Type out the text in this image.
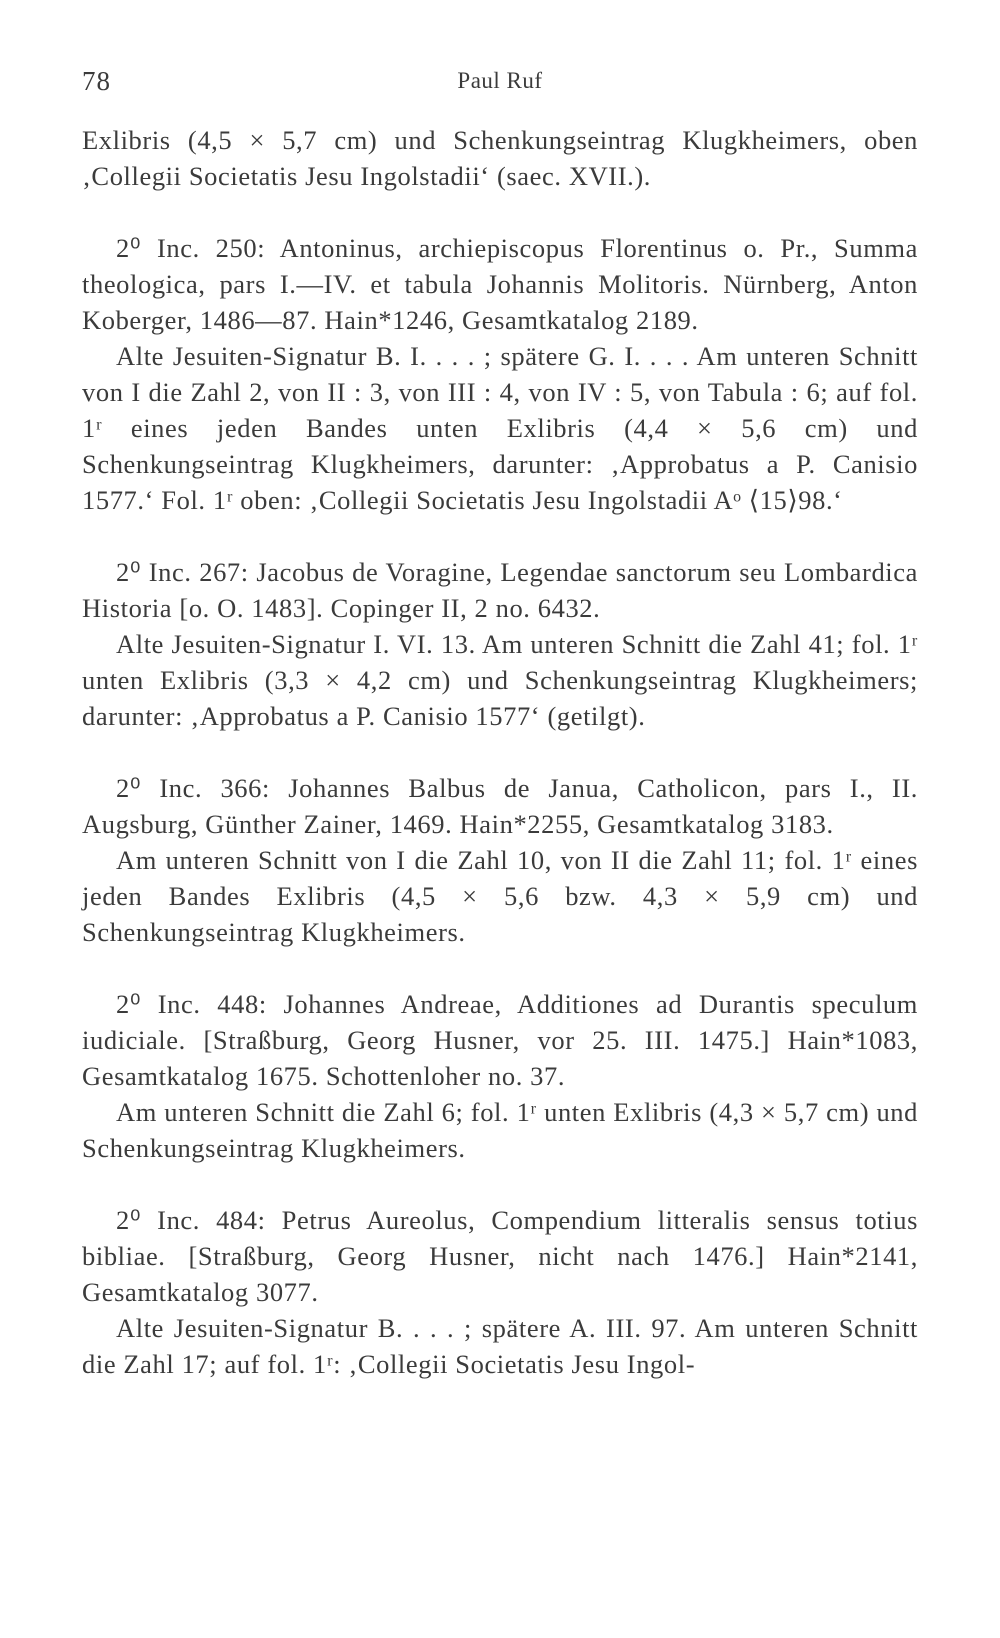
78	Paul Ruf

Exlibris (4,5 × 5,7 cm) und Schenkungseintrag Klugkheimers, oben ‚Collegii Societatis Jesu Ingolstadii‘ (saec. XVII.).

2⁰ Inc. 250: Antoninus, archiepiscopus Florentinus o. Pr., Summa theologica, pars I.—IV. et tabula Johannis Molitoris. Nürnberg, Anton Koberger, 1486—87. Hain*1246, Gesamtkatalog 2189.

Alte Jesuiten-Signatur B. I. . . . ; spätere G. I. . . . Am unteren Schnitt von I die Zahl 2, von II : 3, von III : 4, von IV : 5, von Tabula : 6; auf fol. 1ʳ eines jeden Bandes unten Exlibris (4,4 × 5,6 cm) und Schenkungseintrag Klugkheimers, darunter: ‚Approbatus a P. Canisio 1577.‘ Fol. 1ʳ oben: ‚Collegii Societatis Jesu Ingolstadii Aᵒ ⟨15⟩98.‘

2⁰ Inc. 267: Jacobus de Voragine, Legendae sanctorum seu Lombardica Historia [o. O. 1483]. Copinger II, 2 no. 6432.

Alte Jesuiten-Signatur I. VI. 13. Am unteren Schnitt die Zahl 41; fol. 1ʳ unten Exlibris (3,3 × 4,2 cm) und Schenkungseintrag Klugkheimers; darunter: ‚Approbatus a P. Canisio 1577‘ (getilgt).

2⁰ Inc. 366: Johannes Balbus de Janua, Catholicon, pars I., II. Augsburg, Günther Zainer, 1469. Hain*2255, Gesamtkatalog 3183.

Am unteren Schnitt von I die Zahl 10, von II die Zahl 11; fol. 1ʳ eines jeden Bandes Exlibris (4,5 × 5,6 bzw. 4,3 × 5,9 cm) und Schenkungseintrag Klugkheimers.

2⁰ Inc. 448: Johannes Andreae, Additiones ad Durantis speculum iudiciale. [Straßburg, Georg Husner, vor 25. III. 1475.] Hain*1083, Gesamtkatalog 1675. Schottenloher no. 37.

Am unteren Schnitt die Zahl 6; fol. 1ʳ unten Exlibris (4,3 × 5,7 cm) und Schenkungseintrag Klugkheimers.

2⁰ Inc. 484: Petrus Aureolus, Compendium litteralis sensus totius bibliae. [Straßburg, Georg Husner, nicht nach 1476.] Hain*2141, Gesamtkatalog 3077.

Alte Jesuiten-Signatur B. . . . ; spätere A. III. 97. Am unteren Schnitt die Zahl 17; auf fol. 1ʳ: ‚Collegii Societatis Jesu Ingol-
